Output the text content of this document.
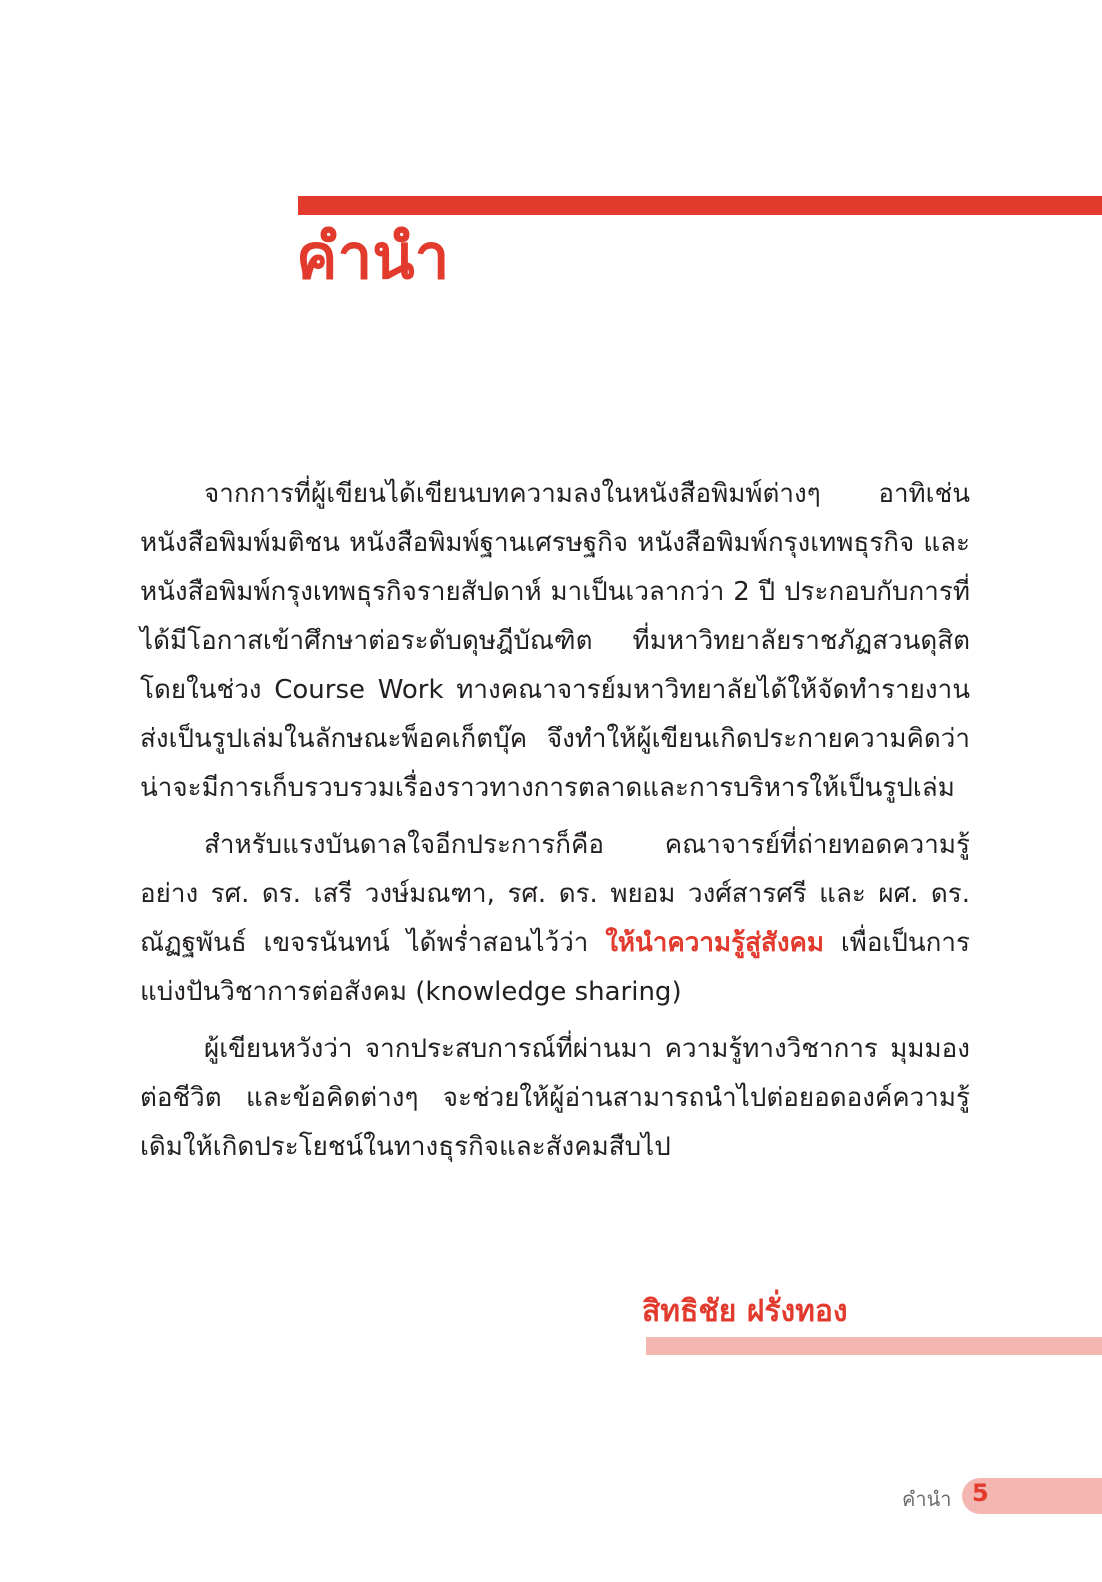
คำนำ

จากการที่ผู้เขียนได้เขียนบทความลงในหนังสือพิมพ์ต่างๆ อาทิเช่น หนังสือพิมพ์มติชน หนังสือพิมพ์ฐานเศรษฐกิจ หนังสือพิมพ์กรุงเทพธุรกิจ และหนังสือพิมพ์กรุงเทพธุรกิจรายสัปดาห์ มาเป็นเวลากว่า 2 ปี ประกอบกับการที่ได้มีโอกาสเข้าศึกษาต่อระดับดุษฎีบัณฑิต ที่มหาวิทยาลัยราชภัฏสวนดุสิต โดยในช่วง Course Work ทางคณาจารย์มหาวิทยาลัยได้ให้จัดทำรายงานส่งเป็นรูปเล่มในลักษณะพ็อคเก็ตบุ๊ค จึงทำให้ผู้เขียนเกิดประกายความคิดว่าน่าจะมีการเก็บรวบรวมเรื่องราวทางการตลาดและการบริหารให้เป็นรูปเล่ม

สำหรับแรงบันดาลใจอีกประการก็คือ คณาจารย์ที่ถ่ายทอดความรู้อย่าง รศ. ดร. เสรี วงษ์มณฑา, รศ. ดร. พยอม วงศ์สารศรี และ ผศ. ดร. ณัฏฐพันธ์ เขจรนันทน์ ได้พร่ำสอนไว้ว่า ให้นำความรู้สู่สังคม เพื่อเป็นการแบ่งปันวิชาการต่อสังคม (knowledge sharing)

ผู้เขียนหวังว่า จากประสบการณ์ที่ผ่านมา ความรู้ทางวิชาการ มุมมองต่อชีวิต และข้อคิดต่างๆ จะช่วยให้ผู้อ่านสามารถนำไปต่อยอดองค์ความรู้เดิมให้เกิดประโยชน์ในทางธุรกิจและสังคมสืบไป

สิทธิชัย ฝรั่งทอง
คำนำ 5
